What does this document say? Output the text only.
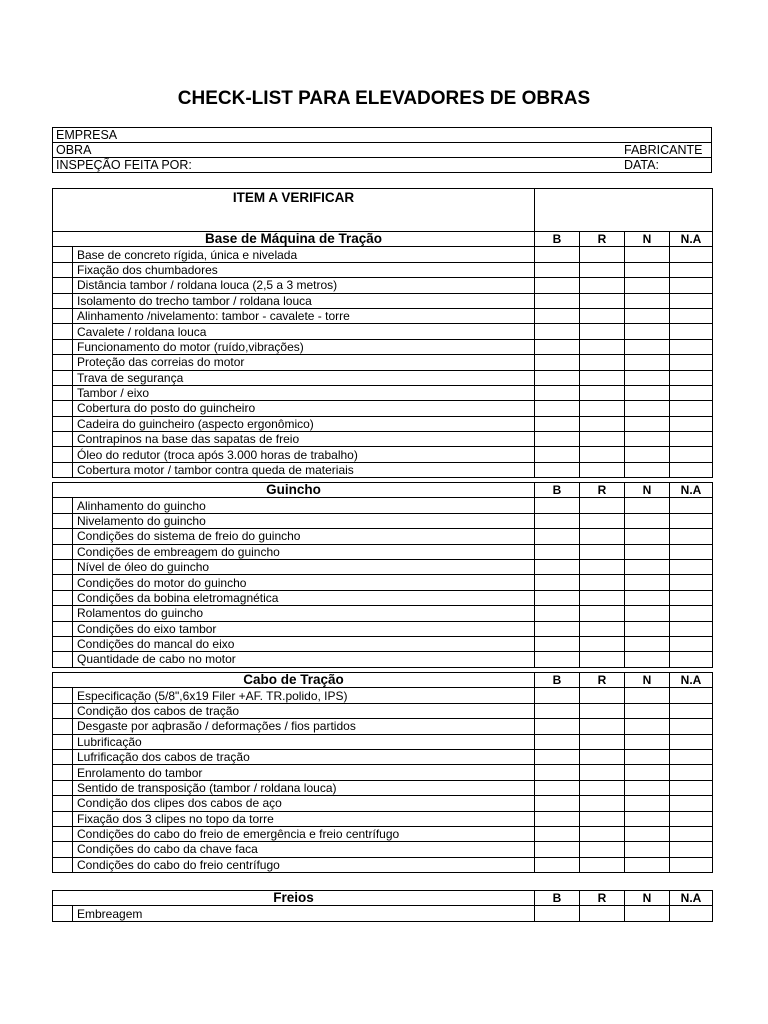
CHECK-LIST PARA ELEVADORES DE OBRAS
EMPRESA	
OBRA	FABRICANTE
INSPEÇÃO FEITA POR:	DATA:
ITEM A VERIFICAR					
Base de Máquina de Tração		B	R	N	N.A
	Base de concreto rígida, única e nivelada				
	Fixação dos chumbadores				
	Distância tambor / roldana louca (2,5 a 3 metros)				
	Isolamento do trecho tambor / roldana louca				
	Alinhamento /nivelamento: tambor - cavalete - torre				
	Cavalete / roldana louca				
	Funcionamento do motor (ruído,vibrações)				
	Proteção das correias do motor				
	Trava de segurança				
	Tambor / eixo				
	Cobertura do posto do guincheiro				
	Cadeira do guincheiro (aspecto ergonômico)				
	Contrapinos na base das sapatas de freio				
	Óleo do redutor (troca após 3.000 horas de trabalho)				
	Cobertura motor / tambor contra queda de materiais				
Guincho		B	R	N	N.A
	Alinhamento do guincho				
	Nivelamento do guincho				
	Condições do sistema de freio do guincho				
	Condições de embreagem do guincho				
	Nível de óleo do guincho				
	Condições do motor do guincho				
	Condições da bobina eletromagnética				
	Rolamentos do guincho				
	Condições do eixo tambor				
	Condições do mancal do eixo				
	Quantidade de cabo no motor				
Cabo de Tração		B	R	N	N.A
	Especificação (5/8",6x19 Filer +AF. TR.polido, IPS)				
	Condição dos cabos de tração				
	Desgaste por aqbrasão / deformações / fios partidos				
	Lubrificação				
	Lufrificação dos cabos de tração				
	Enrolamento do tambor				
	Sentido de transposição (tambor / roldana louca)				
	Condição dos clipes dos cabos de aço				
	Fixação dos 3 clipes no topo da torre				
	Condições do cabo do freio de emergência e freio centrífugo				
	Condições do cabo da chave faca				
	Condições do cabo do freio centrífugo				
Freios		B	R	N	N.A
	Embreagem				
